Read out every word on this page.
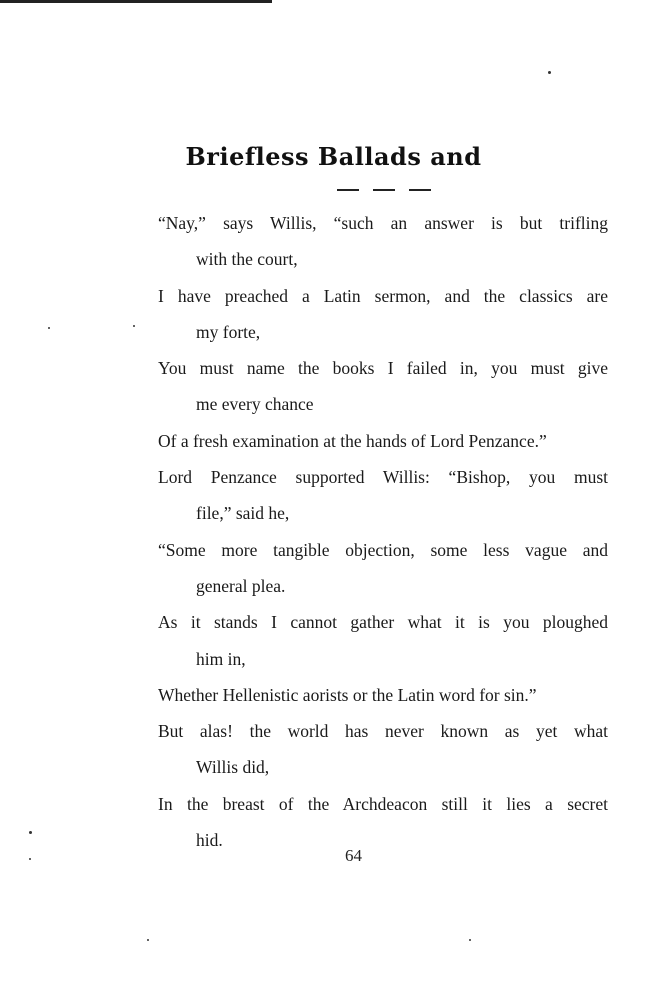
Briefless Ballads and
“Nay,” says Willis, “such an answer is but trifling
with the court,
I have preached a Latin sermon, and the classics are
my forte,
You must name the books I failed in, you must give
me every chance
Of a fresh examination at the hands of Lord Penzance.”
Lord Penzance supported Willis: “Bishop, you must
file,” said he,
“Some more tangible objection, some less vague and
general plea.
As it stands I cannot gather what it is you ploughed
him in,
Whether Hellenistic aorists or the Latin word for sin.”
But alas! the world has never known as yet what
Willis did,
In the breast of the Archdeacon still it lies a secret
hid.
64
